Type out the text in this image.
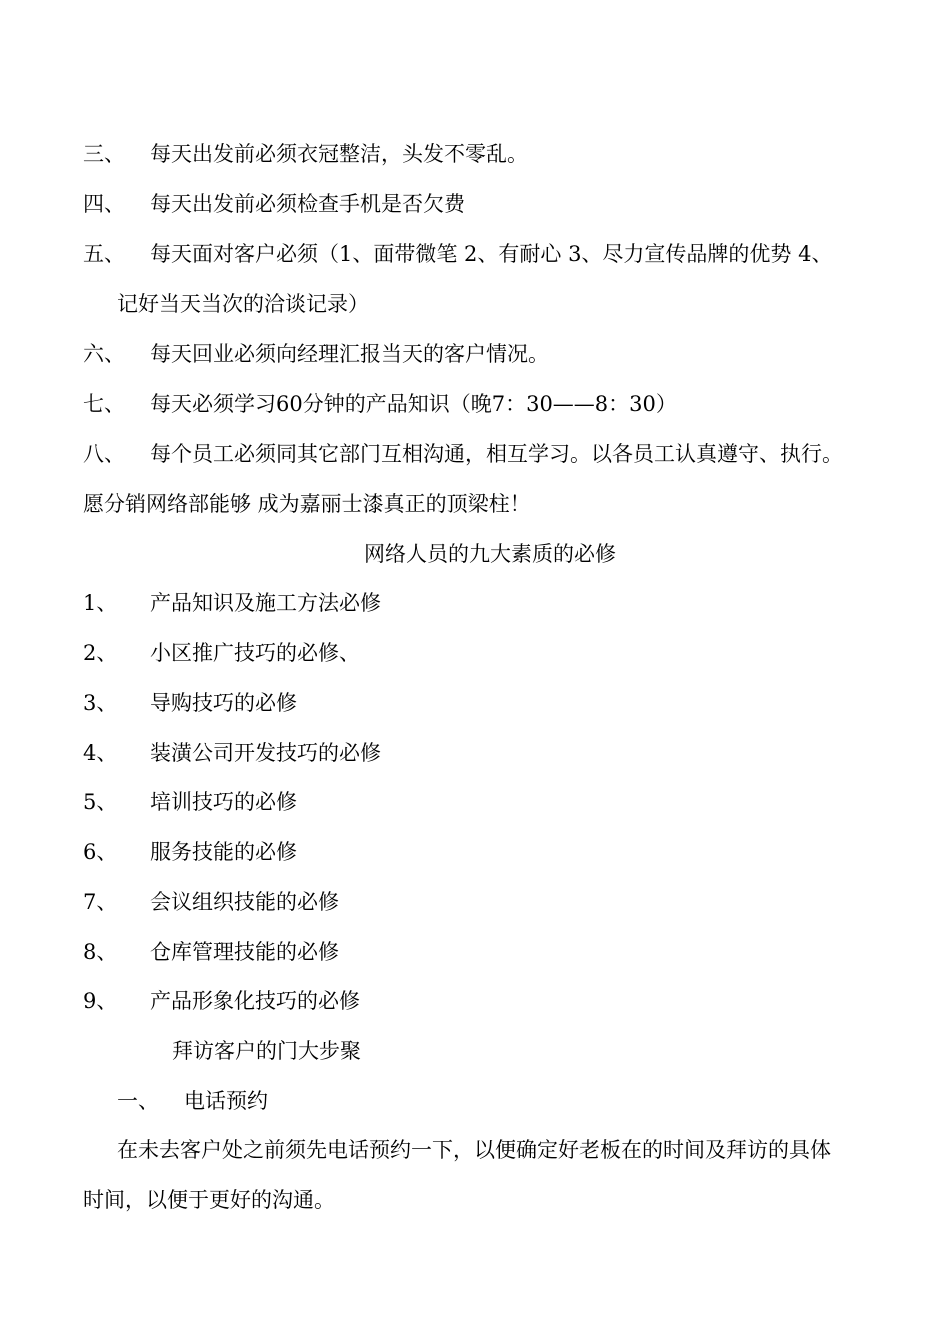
三、 每天出发前必须衣冠整洁，头发不零乱。
四、 每天出发前必须检查手机是否欠费
五、 每天面对客户必须（1、面带微笔 2、有耐心 3、尽力宣传品牌的优势 4、
记好当天当次的洽谈记录）
六、 每天回业必须向经理汇报当天的客户情况。
七、 每天必须学习60分钟的产品知识（晚7：30——8：30）
八、 每个员工必须同其它部门互相沟通，相互学习。以各员工认真遵守、执行。
愿分销网络部能够 成为嘉丽士漆真正的顶梁柱！
网络人员的九大素质的必修
1、 产品知识及施工方法必修
2、 小区推广技巧的必修、
3、 导购技巧的必修
4、 装潢公司开发技巧的必修
5、 培训技巧的必修
6、 服务技能的必修
7、 会议组织技能的必修
8、 仓库管理技能的必修
9、 产品形象化技巧的必修
拜访客户的门大步聚
一、 电话预约
在未去客户处之前须先电话预约一下，以便确定好老板在的时间及拜访的具体
时间，以便于更好的沟通。
